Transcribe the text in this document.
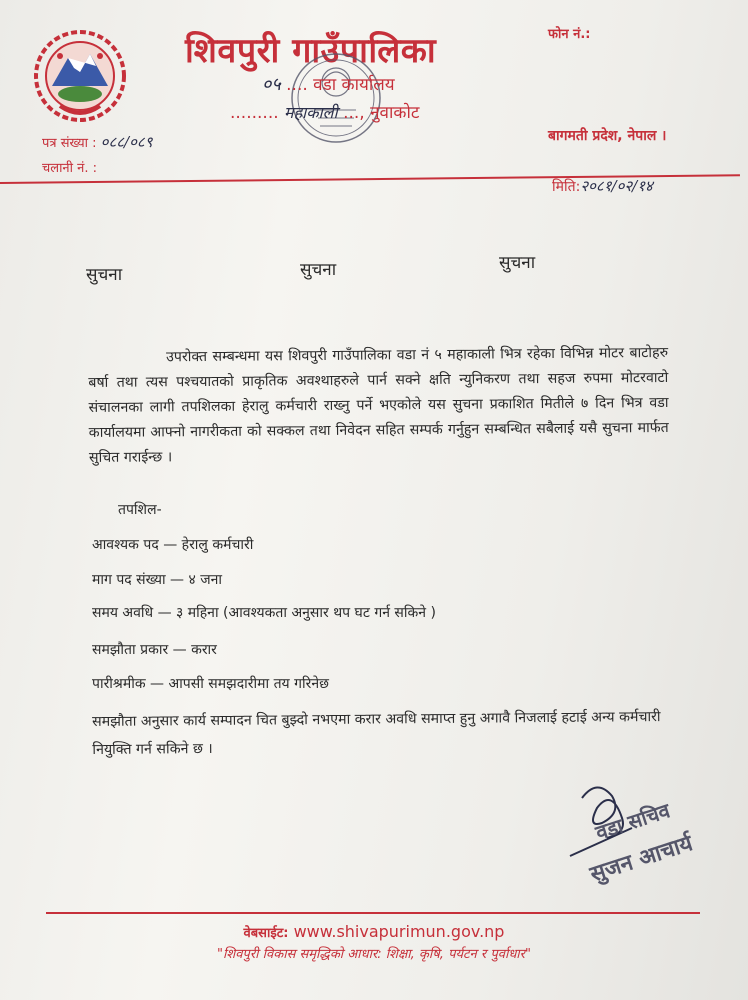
शिवपुरी गाउँपालिका	फोन नं.:
०५ .... वडा कार्यालय
......... महाकाली ..., नुवाकोट
पत्र संख्या : ०८८/०८९
चलानी नं. :
बागमती प्रदेश, नेपाल ।
मिति:२०८१/०२/१४
सुचना	सुचना	सुचना
उपरोक्त सम्बन्धमा यस शिवपुरी गाउँपालिका वडा नं ५ महाकाली भित्र रहेका विभिन्न मोटर बाटोहरु बर्षा तथा त्यस पश्चयातको प्राकृतिक अवश्थाहरुले पार्न सक्ने क्षति न्युनिकरण तथा सहज रुपमा मोटरवाटो संचालनका लागी तपशिलका हेरालु कर्मचारी राख्नु पर्ने भएकोले यस सुचना प्रकाशित मितीले ७ दिन भित्र वडा कार्यालयमा आफ्नो नागरीकता को सक्कल तथा निवेदन सहित सम्पर्क गर्नुहुन सम्बन्धित सबैलाई यसै सुचना मार्फत सुचित गराईन्छ ।
तपशिल-
आवश्यक पद — हेरालु कर्मचारी
माग पद संख्या — ४ जना
समय अवधि — ३ महिना (आवश्यकता अनुसार थप घट गर्न सकिने )
समझौता प्रकार — करार
पारीश्रमीक — आपसी समझदारीमा तय गरिनेछ
समझौता अनुसार कार्य सम्पादन चित बुझ्दो नभएमा करार अवधि समाप्त हुनु अगावै निजलाई हटाई अन्य कर्मचारी नियुक्ति गर्न सकिने छ ।
वडा सचिव
सुजन आचार्य
वेबसाईट: www.shivapurimun.gov.np
"शिवपुरी विकास समृद्धिको आधार: शिक्षा, कृषि, पर्यटन र पुर्वाधार"
